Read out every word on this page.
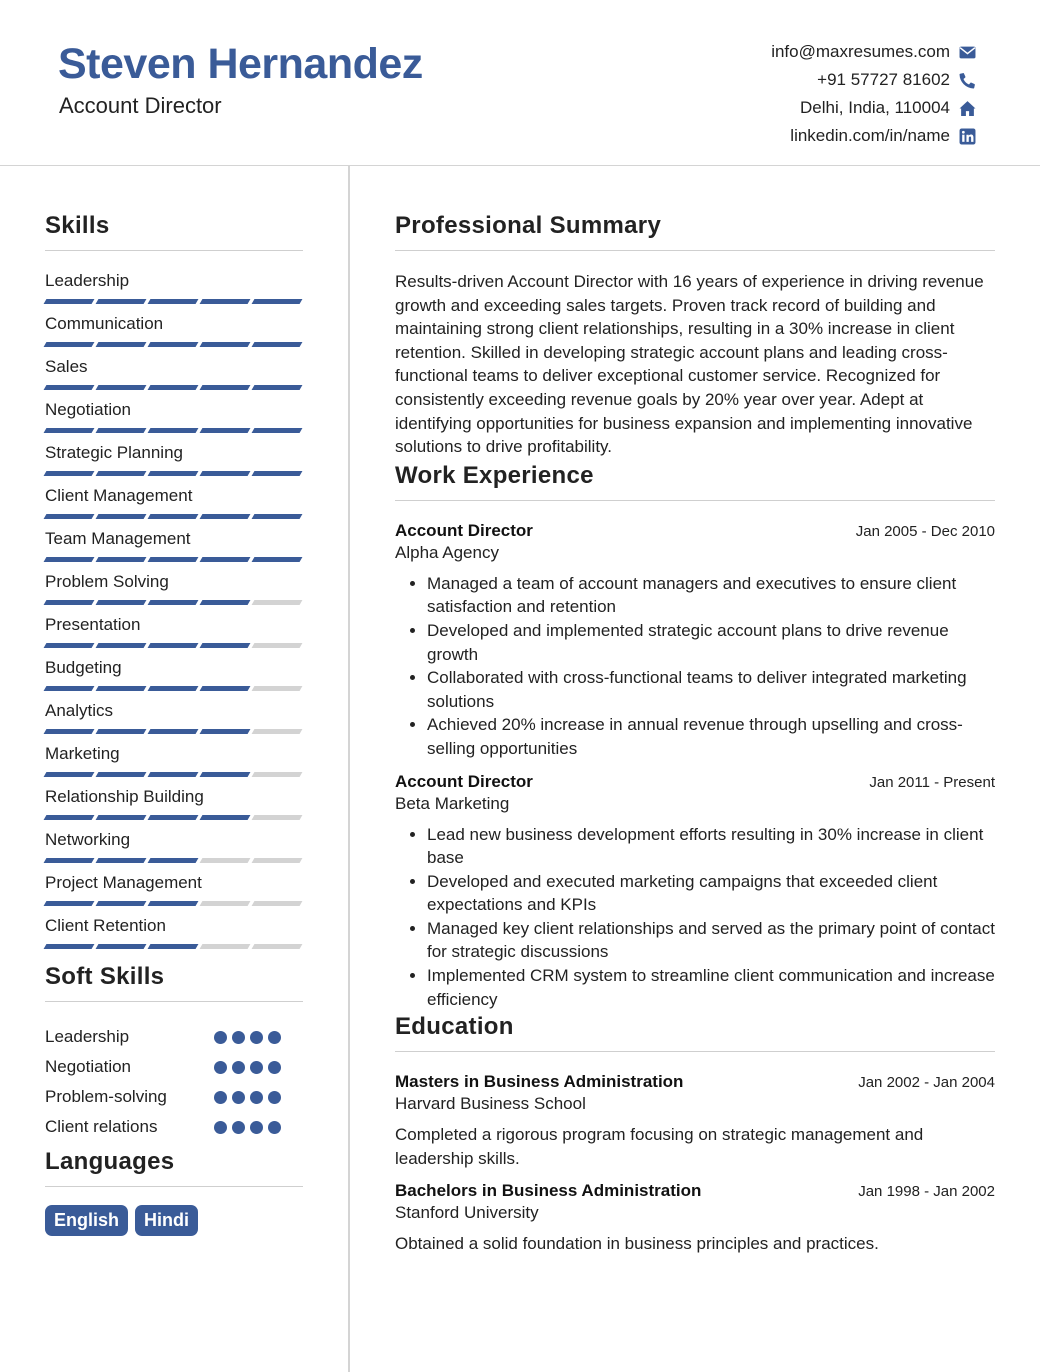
Steven Hernandez
Account Director
info@maxresumes.com
+91 57727 81602
Delhi, India, 110004
linkedin.com/in/name
Skills
Leadership
Communication
Sales
Negotiation
Strategic Planning
Client Management
Team Management
Problem Solving
Presentation
Budgeting
Analytics
Marketing
Relationship Building
Networking
Project Management
Client Retention
Soft Skills
Leadership
Negotiation
Problem-solving
Client relations
Languages
English	Hindi
Professional Summary

Results-driven Account Director with 16 years of experience in driving revenue growth and exceeding sales targets. Proven track record of building and maintaining strong client relationships, resulting in a 30% increase in client retention. Skilled in developing strategic account plans and leading cross-functional teams to deliver exceptional customer service. Recognized for consistently exceeding revenue goals by 20% year over year. Adept at identifying opportunities for business expansion and implementing innovative solutions to drive profitability.

Work Experience
Account Director	Jan 2005 - Dec 2010
Alpha Agency
• Managed a team of account managers and executives to ensure client satisfaction and retention
• Developed and implemented strategic account plans to drive revenue growth
• Collaborated with cross-functional teams to deliver integrated marketing solutions
• Achieved 20% increase in annual revenue through upselling and cross-selling opportunities
Account Director	Jan 2011 - Present
Beta Marketing
• Lead new business development efforts resulting in 30% increase in client base
• Developed and executed marketing campaigns that exceeded client expectations and KPIs
• Managed key client relationships and served as the primary point of contact for strategic discussions
• Implemented CRM system to streamline client communication and increase efficiency
Education
Masters in Business Administration	Jan 2002 - Jan 2004
Harvard Business School

Completed a rigorous program focusing on strategic management and leadership skills.

Bachelors in Business Administration	Jan 1998 - Jan 2002
Stanford University

Obtained a solid foundation in business principles and practices.
